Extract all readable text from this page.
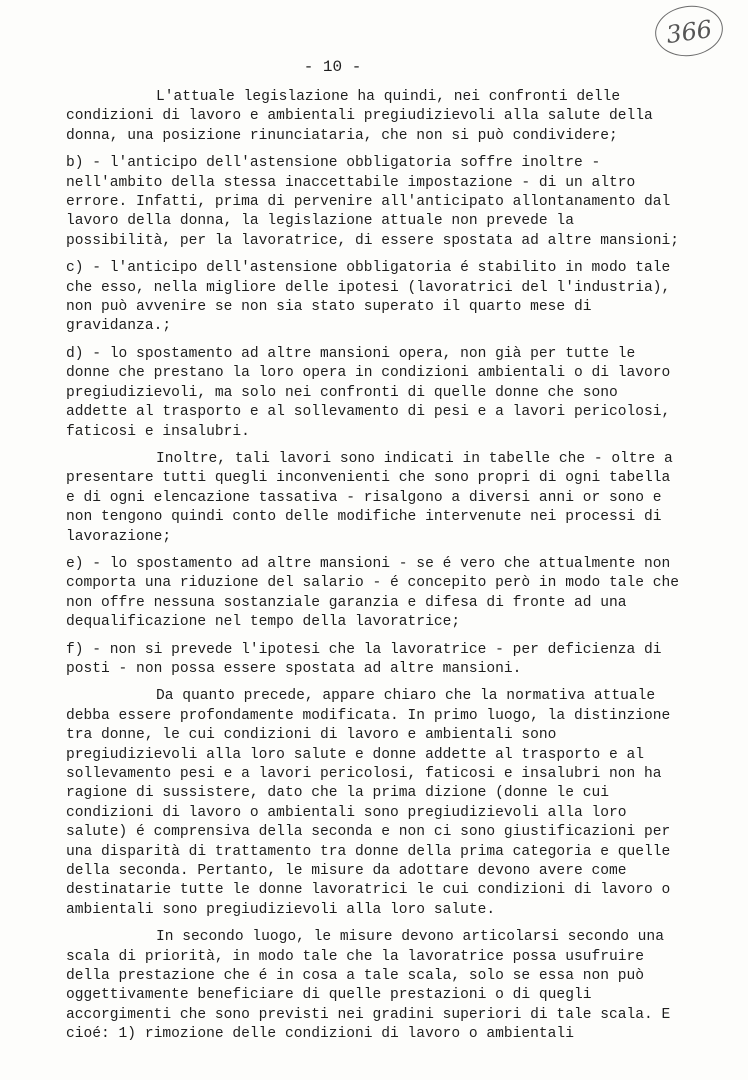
366
- 10 -

L'attuale legislazione ha quindi, nei confronti delle condizioni di lavoro e ambientali pregiudizievoli alla salute della donna, una posizione rinunciataria, che non si può condividere;

b) - l'anticipo dell'astensione obbligatoria soffre inoltre - nell'ambito della stessa inaccettabile impostazione - di un altro errore. Infatti, prima di pervenire all'anticipato allontanamento dal lavoro della donna, la legislazione attuale non prevede la possibilità, per la lavoratrice, di essere spostata ad altre mansioni;

c) - l'anticipo dell'astensione obbligatoria é stabilito in modo tale che esso, nella migliore delle ipotesi (lavoratrici del l'industria), non può avvenire se non sia stato superato il quarto mese di gravidanza.;

d) - lo spostamento ad altre mansioni opera, non già per tutte le donne che prestano la loro opera in condizioni ambientali o di lavoro pregiudizievoli, ma solo nei confronti di quelle donne che sono addette al trasporto e al sollevamento di pesi e a lavori pericolosi, faticosi e insalubri.

Inoltre, tali lavori sono indicati in tabelle che - oltre a presentare tutti quegli inconvenienti che sono propri di ogni tabella e di ogni elencazione tassativa - risalgono a diversi anni or sono e non tengono quindi conto delle modifiche intervenute nei processi di lavorazione;

e) - lo spostamento ad altre mansioni - se é vero che attualmente non comporta una riduzione del salario - é concepito però in modo tale che non offre nessuna sostanziale garanzia e difesa di fronte ad una dequalificazione nel tempo della lavoratrice;

f) - non si prevede l'ipotesi che la lavoratrice - per deficienza di posti - non possa essere spostata ad altre mansioni.

Da quanto precede, appare chiaro che la normativa attuale debba essere profondamente modificata. In primo luogo, la distinzione tra donne, le cui condizioni di lavoro e ambientali sono pregiudizievoli alla loro salute e donne addette al trasporto e al sollevamento pesi e a lavori pericolosi, faticosi e insalubri non ha ragione di sussistere, dato che la prima dizione (donne le cui condizioni di lavoro o ambientali sono pregiudizievoli alla loro salute) é comprensiva della seconda e non ci sono giustificazioni per una disparità di trattamento tra donne della prima categoria e quelle della seconda. Pertanto, le misure da adottare devono avere come destinatarie tutte le donne lavoratrici le cui condizioni di lavoro o ambientali sono pregiudizievoli alla loro salute.

In secondo luogo, le misure devono articolarsi secondo una scala di priorità, in modo tale che la lavoratrice possa usufruire della prestazione che é in cosa a tale scala, solo se essa non può oggettivamente beneficiare di quelle prestazioni o di quegli accorgimenti che sono previsti nei gradini superiori di tale scala. E cioé: 1) rimozione delle condizioni di lavoro o ambientali
